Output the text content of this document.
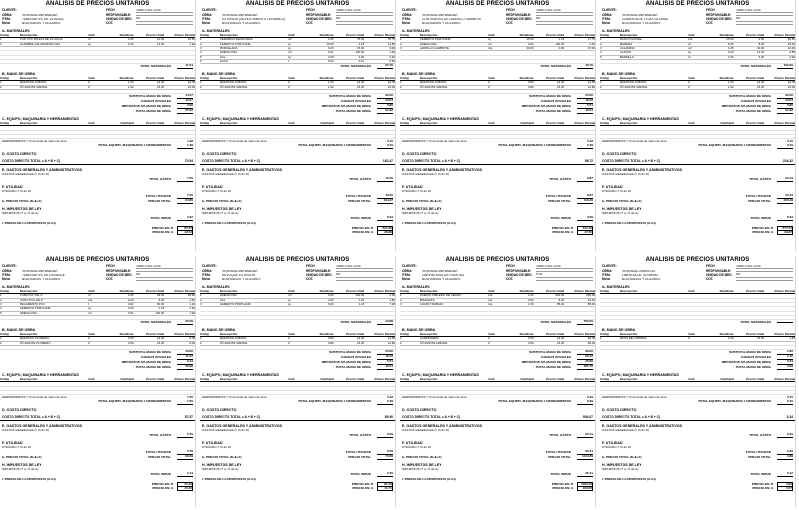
ANALISIS DE PRECIOS UNITARIOS
CLIENTE:	FECH	JUNIO DEL 2016
OBRA:	VIVIENDA UNIFAMILIAR	RESPONSABLE:
ITEM:	TUBERIA PVC DE 1/2 AGUA	UNIDAD DE MED	ML
Mone	BOLIVIANOS Y DOLARES	COT.
A. MATERIALES
Códig	Descripción	Unid	Rendimie	Precio Unita	Precio Parcial
1	TUB. PVC ROSCA DE 1/2 AGUA	ml	1.05	10.00	10.50
2	ALAMBRE GALVANIZADO #12	kg	0.10	12.00	1.20

TOTAL MATERIALES	41.54
B. MANO DE OBRA
Códig	Descripción	Unid	Rendimie	Precio Unita	Precio Parcial
1	MAESTRO ALBAÑIL	hr	1.00	16.00	16.00
2	AYUDANTE ALBAÑIL	hr	1.00	16.00	16.00

SUBTOTAL MANO DE OBRA	14.27
CARGAS SOCIALES	10.27
IMPUESTOS IVA MANO DE OBRA	3.08
TOTAL MANO DE OBRA	27.62
C. EQUIPO, MAQUINARIA Y HERRAMIENTAS
Códig	Descripción	Unid	Cantidad	Precio Unita	Precio Parcial

HERRAMIENTAS = % del total de mano de obra	1.38
TOTAL EQUIPO, MAQUINARIA Y HERRAMIENTAS	1.38
D. COSTO DIRECTO
COSTO DIRECTO TOTAL = A + B + C)	70.54
E. GASTOS GENERALES Y ADMINISTRATIVOS
GASTOS GENERALES (= % de D)
TOTAL GASTO	7.05
F. UTILIDAD
UTILIDAD (= % de D)
TOTAL UTILIDAD	7.05
G. PRECIO TOTAL (D+E+F)	PRECIO TOTAL	84.65
H. IMPUESTOS DE LEY
IMPUESTOS IT (= % de G)
TOTAL IMPUE	2.62
I. PRECIO DE LA PROPUESTA (G+H)
PRECIO EN: B	87.27
PRECIO EN: $	12.54
ANALISIS DE PRECIOS UNITARIOS
CLIENTE:	FECH	JUNIO DEL 2016
OBRA:	VIVIENDA UNIFAMILIAR	RESPONSABLE:
ITEM:	EXTERIOR (REVESTIMIENTO CERAMICO)	UNIDAD DE MED	M2
Mone	BOLIVIANOS Y DOLARES	COT.
A. MATERIALES
Códig	Descripción	Unid	Rendimie	Precio Unita	Precio Parcial
1	CERAMICA ESMALTADA	m2	1.05	75.00	78.75
2	CEMENTO PORTLAND	kg	10.00	1.18	11.80
3	PORCELANA	kg	0.20	15.00	3.00
4	ARENA FINA	m3	0.01	100.00	1.00
5	CAL	kg	2.00	1.20	2.40
6	AGUA	lt	5.00	0.10	0.50
TOTAL MATERIALES	97.45
B. MANO DE OBRA
Códig	Descripción	Unid	Rendimie	Precio Unita	Precio Parcial
1	MAESTRO ALBAÑIL	hr	1.00	16.00	16.00
2	AYUDANTE ALBAÑIL	hr	1.00	16.00	16.00

SUBTOTAL MANO DE OBRA	32.00
CARGAS SOCIALES	23.04
IMPUESTOS IVA MANO DE OBRA	6.88
TOTAL MANO DE OBRA	61.92
C. EQUIPO, MAQUINARIA Y HERRAMIENTAS
Códig	Descripción	Unid	Cantidad	Precio Unita	Precio Parcial

HERRAMIENTAS = % del total de mano de obra	3.10
TOTAL EQUIPO, MAQUINARIA Y HERRAMIENTAS	3.10
D. COSTO DIRECTO
COSTO DIRECTO TOTAL = A + B + C)	162.47
E. GASTOS GENERALES Y ADMINISTRATIVOS
GASTOS GENERALES (= % de D)
TOTAL GASTO	16.25
F. UTILIDAD
UTILIDAD (= % de D)
TOTAL UTILIDAD	16.25
G. PRECIO TOTAL (D+E+F)	PRECIO TOTAL	194.97
H. IMPUESTOS DE LEY
IMPUESTOS IT (= % de G)
TOTAL IMPUE	6.03
I. PRECIO DE LA PROPUESTA (G+H)
PRECIO EN: B	201.00
PRECIO EN: $	28.88
ANALISIS DE PRECIOS UNITARIOS
CLIENTE:	FECH	JUNIO DEL 2016
OBRA:	VIVIENDA UNIFAMILIAR	RESPONSABLE:
ITEM:	CONTRAPISO DE LADRILLO GAMBOTE	UNIDAD DE MED	M2
Mone	BOLIVIANOS Y DOLARES	COT.
A. MATERIALES
Códig	Descripción	Unid	Rendimie	Precio Unita	Precio Parcial
1	CEMENTO PORTLAND	kg	15.00	1.18	17.70
2	ARENA FINA	m3	0.02	100.00	2.00
3	LADRILLO GAMBOTE	pza	30.00	0.90	27.00

TOTAL MATERIALES	46.70
B. MANO DE OBRA
Códig	Descripción	Unid	Rendimie	Precio Unita	Precio Parcial
1	MAESTRO ALBAÑIL	hr	0.80	16.00	12.80
2	AYUDANTE ALBAÑIL	hr	0.80	16.00	12.80

SUBTOTAL MANO DE OBRA	25.60
CARGAS SOCIALES	18.43
IMPUESTOS IVA MANO DE OBRA	5.51
TOTAL MANO DE OBRA	49.54
C. EQUIPO, MAQUINARIA Y HERRAMIENTAS
Códig	Descripción	Unid	Cantidad	Precio Unita	Precio Parcial

HERRAMIENTAS = % del total de mano de obra	2.48
TOTAL EQUIPO, MAQUINARIA Y HERRAMIENTAS	2.48
D. COSTO DIRECTO
COSTO DIRECTO TOTAL = A + B + C)	98.72
E. GASTOS GENERALES Y ADMINISTRATIVOS
GASTOS GENERALES (= % de D)
TOTAL GASTO	9.87
F. UTILIDAD
UTILIDAD (= % de D)
TOTAL UTILIDAD	9.87
G. PRECIO TOTAL (D+E+F)	PRECIO TOTAL	118.46
H. IMPUESTOS DE LEY
IMPUESTOS IT (= % de G)
TOTAL IMPUE	3.66
I. PRECIO DE LA PROPUESTA (G+H)
PRECIO EN: B	122.12
PRECIO EN: $	17.55
ANALISIS DE PRECIOS UNITARIOS
CLIENTE:	FECH	JUNIO DEL 2016
OBRA:	VIVIENDA UNIFAMILIAR	RESPONSABLE:
ITEM:	CUBIERTA DE TEJA COLONIAL	UNIDAD DE MED	M2
Mone	BOLIVIANOS Y DOLARES	COT.
A. MATERIALES
Códig	Descripción	Unid	Rendimie	Precio Unita	Precio Parcial
1	TEJA COLONIAL	pza	25.00	2.50	62.50
2	MADERA	p2	6.00	8.00	48.00
3	CALAMINA	m2	1.05	40.00	42.00
4	CLAVOS	kg	0.20	14.00	2.80
5	BARRILLA	ml	1.00	4.00	4.00

TOTAL MATERIALES	159.30
B. MANO DE OBRA
Códig	Descripción	Unid	Rendimie	Precio Unita	Precio Parcial
1	MAESTRO ALBAÑIL	hr	1.00	16.00	16.00
2	AYUDANTE ALBAÑIL	hr	1.00	16.00	16.00

SUBTOTAL MANO DE OBRA	32.00
CARGAS SOCIALES	23.04
IMPUESTOS IVA MANO DE OBRA	6.88
TOTAL MANO DE OBRA	61.92
C. EQUIPO, MAQUINARIA Y HERRAMIENTAS
Códig	Descripción	Unid	Cantidad	Precio Unita	Precio Parcial

HERRAMIENTAS = % del total de mano de obra	3.10
TOTAL EQUIPO, MAQUINARIA Y HERRAMIENTAS	3.10
D. COSTO DIRECTO
COSTO DIRECTO TOTAL = A + B + C)	224.32
E. GASTOS GENERALES Y ADMINISTRATIVOS
GASTOS GENERALES (= % de D)
TOTAL GASTO	22.43
F. UTILIDAD
UTILIDAD (= % de D)
TOTAL UTILIDAD	22.43
G. PRECIO TOTAL (D+E+F)	PRECIO TOTAL	269.18
H. IMPUESTOS DE LEY
IMPUESTOS IT (= % de G)
TOTAL IMPUE	8.33
I. PRECIO DE LA PROPUESTA (G+H)
PRECIO EN: B	277.51
PRECIO EN: $	39.87
ANALISIS DE PRECIOS UNITARIOS
CLIENTE:	FECH	JUNIO DEL 2016
OBRA:	VIVIENDA UNIFAMILIAR	RESPONSABLE:
ITEM:	TUBERIA PVC DE DESAGUE	UNIDAD DE MED	ML
Mone	BOLIVIANOS Y DOLARES	COT.
A. MATERIALES
Códig	Descripción	Unid	Rendimie	Precio Unita	Precio Parcial
1	TUBO PVC DE 4"	ml	1.05	18.00	18.90
2	CODO PVC DE 4"	pza	0.20	8.00	1.60
3	PEGAMENTO PVC	lt	0.02	60.00	1.20
4	CEMENTO PORTLAND	kg	2.00	1.18	2.36
5	ARENA FINA	m3	0.01	100.00	1.00

TOTAL MATERIALES	25.06
B. MANO DE OBRA
Códig	Descripción	Unid	Rendimie	Precio Unita	Precio Parcial
1	MAESTRO PLOMERO	hr	0.50	16.00	8.00
2	AYUDANTE PLOMERO	hr	0.50	16.00	8.00

SUBTOTAL MANO DE OBRA	16.00
CARGAS SOCIALES	11.52
IMPUESTOS IVA MANO DE OBRA	3.44
TOTAL MANO DE OBRA	30.96
C. EQUIPO, MAQUINARIA Y HERRAMIENTAS
Códig	Descripción	Unid	Cantidad	Precio Unita	Precio Parcial

HERRAMIENTAS = % del total de mano de obra	1.55
TOTAL EQUIPO, MAQUINARIA Y HERRAMIENTAS	1.55
D. COSTO DIRECTO
COSTO DIRECTO TOTAL = A + B + C)	57.57
E. GASTOS GENERALES Y ADMINISTRATIVOS
GASTOS GENERALES (= % de D)
TOTAL GASTO	5.76
F. UTILIDAD
UTILIDAD (= % de D)
TOTAL UTILIDAD	5.76
G. PRECIO TOTAL (D+E+F)	PRECIO TOTAL	69.09
H. IMPUESTOS DE LEY
IMPUESTOS IT (= % de G)
TOTAL IMPUE	2.14
I. PRECIO DE LA PROPUESTA (G+H)
PRECIO EN: B	71.23
PRECIO EN: $	10.23
ANALISIS DE PRECIOS UNITARIOS
CLIENTE:	FECH	JUNIO DEL 2016
OBRA:	VIVIENDA UNIFAMILIAR	RESPONSABLE:
ITEM:	REVOQUE EXTERIOR	UNIDAD DE MED	M2
Mone	BOLIVIANOS Y DOLARES	COT.
A. MATERIALES
Códig	Descripción	Unid	Rendimie	Precio Unita	Precio Parcial
1	ARENA FINA	m3	0.02	100.00	2.00
2	CAL	kg	4.00	1.20	4.80
3	CEMENTO PORTLAND	kg	6.00	1.18	7.08

TOTAL MATERIALES	13.88
B. MANO DE OBRA
Códig	Descripción	Unid	Rendimie	Precio Unita	Precio Parcial
1	MAESTRO ALBAÑIL	hr	0.80	16.00	12.80
2	AYUDANTE ALBAÑIL	hr	0.80	16.00	12.80

SUBTOTAL MANO DE OBRA	25.60
CARGAS SOCIALES	18.43
IMPUESTOS IVA MANO DE OBRA	5.51
TOTAL MANO DE OBRA	49.54
C. EQUIPO, MAQUINARIA Y HERRAMIENTAS
Códig	Descripción	Unid	Cantidad	Precio Unita	Precio Parcial

HERRAMIENTAS = % del total de mano de obra	2.48
TOTAL EQUIPO, MAQUINARIA Y HERRAMIENTAS	2.48
D. COSTO DIRECTO
COSTO DIRECTO TOTAL = A + B + C)	65.90
E. GASTOS GENERALES Y ADMINISTRATIVOS
GASTOS GENERALES (= % de D)
TOTAL GASTO	6.59
F. UTILIDAD
UTILIDAD (= % de D)
TOTAL UTILIDAD	6.59
G. PRECIO TOTAL (D+E+F)	PRECIO TOTAL	79.08
H. IMPUESTOS DE LEY
IMPUESTOS IT (= % de G)
TOTAL IMPUE	2.45
I. PRECIO DE LA PROPUESTA (G+H)
PRECIO EN: B	81.53
PRECIO EN: $	11.71
ANALISIS DE PRECIOS UNITARIOS
CLIENTE:	FECH	JUNIO DEL 2016
OBRA:	VIVIENDA UNIFAMILIAR	RESPONSABLE:
ITEM:	CARPINTERIA DE PUERTAS	UNIDAD DE MED	PZA
Mone	BOLIVIANOS Y DOLARES	COT.
A. MATERIALES
Códig	Descripción	Unid	Rendimie	Precio Unita	Precio Parcial
1	PUERTA TABLERO DE CEDRO	pza	1.00	650.00	650.00
2	BISAGRAS	pza	3.00	8.00	24.00
3	CHAPA TRABAJO	pza	1.00	85.00	85.00

TOTAL MATERIALES	759.00
B. MANO DE OBRA
Códig	Descripción	Unid	Rendimie	Precio Unita	Precio Parcial
1	CARPINTERO	hr	3.00	16.00	48.00
2	AYUDANTE ALBAÑIL	hr	3.00	16.00	48.00

SUBTOTAL MANO DE OBRA	96.00
CARGAS SOCIALES	69.12
IMPUESTOS IVA MANO DE OBRA	20.66
TOTAL MANO DE OBRA	185.78
C. EQUIPO, MAQUINARIA Y HERRAMIENTAS
Códig	Descripción	Unid	Cantidad	Precio Unita	Precio Parcial

HERRAMIENTAS = % del total de mano de obra	9.29
TOTAL EQUIPO, MAQUINARIA Y HERRAMIENTAS	9.29
D. COSTO DIRECTO
COSTO DIRECTO TOTAL = A + B + C)	954.07
E. GASTOS GENERALES Y ADMINISTRATIVOS
GASTOS GENERALES (= % de D)
TOTAL GASTO	95.41
F. UTILIDAD
UTILIDAD (= % de D)
TOTAL UTILIDAD	95.41
G. PRECIO TOTAL (D+E+F)	PRECIO TOTAL	1144.89
H. IMPUESTOS DE LEY
IMPUESTOS IT (= % de G)
TOTAL IMPUE	35.41
I. PRECIO DE LA PROPUESTA (G+H)
PRECIO EN: B	1180.30
PRECIO EN: $	169.58
ANALISIS DE PRECIOS UNITARIOS
CLIENTE:	FECH	JUNIO DEL 2016
OBRA:	VIVIENDA COMERCIO	RESPONSABLE:
ITEM:	LIMPIEZA DE TERRENO	UNIDAD DE MED	M2
Mone	BOLIVIANOS Y DOLARES	COT.
A. MATERIALES
Códig	Descripción	Unid	Rendimie	Precio Unita	Precio Parcial

TOTAL MATERIALES
B. MANO DE OBRA
Códig	Descripción	Unid	Rendimie	Precio Unita	Precio Parcial
1	PEON DE LIMPIEZA	hr	0.10	16.00	1.60

SUBTOTAL MANO DE OBRA	1.60
CARGAS SOCIALES	1.15
IMPUESTOS IVA MANO DE OBRA	0.34
TOTAL MANO DE OBRA	3.09
C. EQUIPO, MAQUINARIA Y HERRAMIENTAS
Códig	Descripción	Unid	Cantidad	Precio Unita	Precio Parcial

HERRAMIENTAS = % del total de mano de obra	0.15
TOTAL EQUIPO, MAQUINARIA Y HERRAMIENTAS	0.15
D. COSTO DIRECTO
COSTO DIRECTO TOTAL = A + B + C)	3.24
E. GASTOS GENERALES Y ADMINISTRATIVOS
GASTOS GENERALES (= % de D)
TOTAL GASTO	0.32
F. UTILIDAD
UTILIDAD (= % de D)
TOTAL UTILIDAD	0.32
G. PRECIO TOTAL (D+E+F)	PRECIO TOTAL	3.88
H. IMPUESTOS DE LEY
IMPUESTOS IT (= % de G)
TOTAL IMPUE	0.12
I. PRECIO DE LA PROPUESTA (G+H)
PRECIO EN: B	4.00
PRECIO EN: $	0.57
